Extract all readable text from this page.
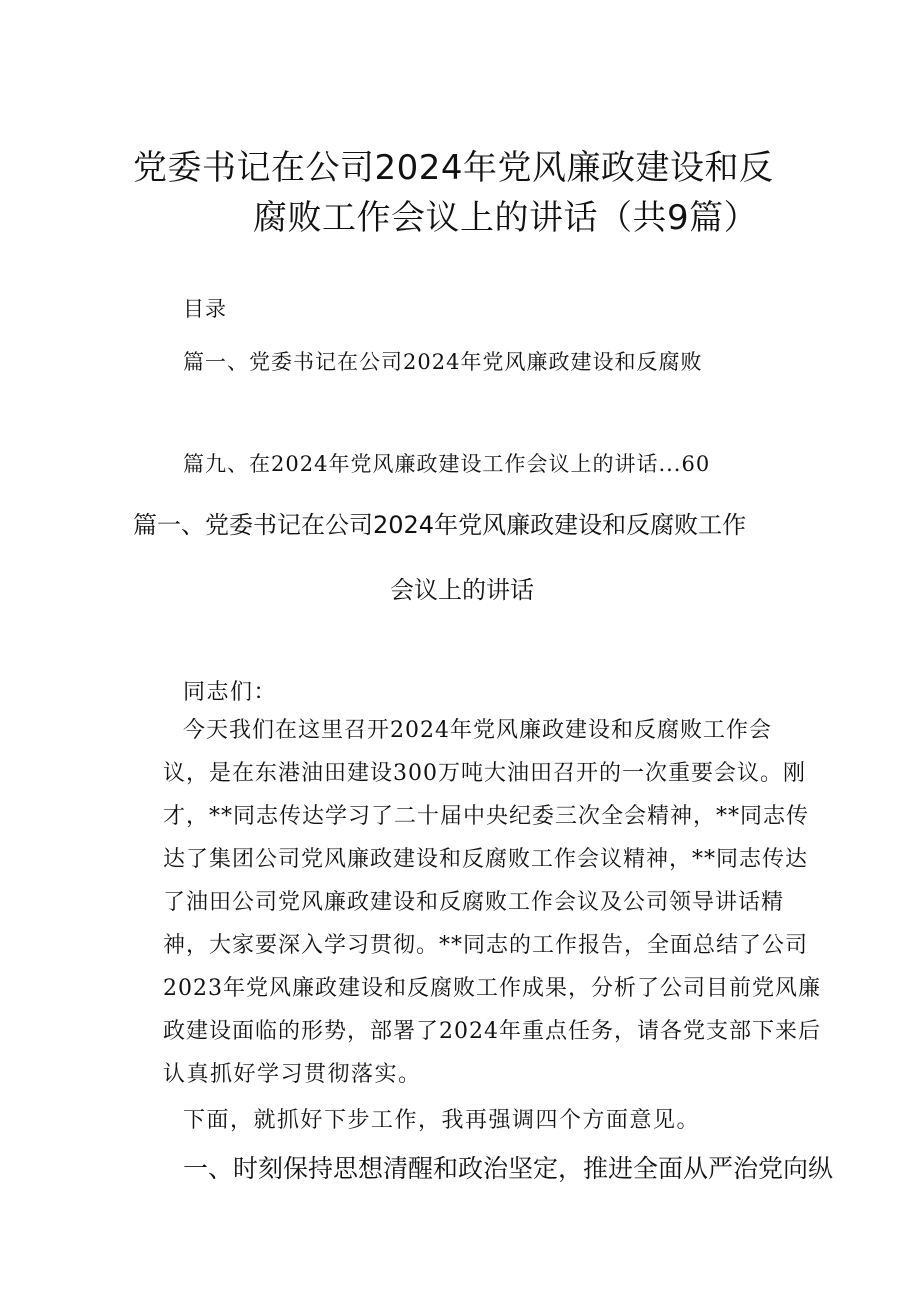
党委书记在公司2024年党风廉政建设和反
腐败工作会议上的讲话（共9篇）
目录
篇一、党委书记在公司2024年党风廉政建设和反腐败
篇九、在2024年党风廉政建设工作会议上的讲话...60
篇一、党委书记在公司2024年党风廉政建设和反腐败工作
会议上的讲话
同志们：
今天我们在这里召开2024年党风廉政建设和反腐败工作会
议，是在东港油田建设300万吨大油田召开的一次重要会议。刚
才，**同志传达学习了二十届中央纪委三次全会精神，**同志传
达了集团公司党风廉政建设和反腐败工作会议精神，**同志传达
了油田公司党风廉政建设和反腐败工作会议及公司领导讲话精
神，大家要深入学习贯彻。**同志的工作报告，全面总结了公司
2023年党风廉政建设和反腐败工作成果，分析了公司目前党风廉
政建设面临的形势，部署了2024年重点任务，请各党支部下来后
认真抓好学习贯彻落实。
下面，就抓好下步工作，我再强调四个方面意见。
一、时刻保持思想清醒和政治坚定，推进全面从严治党向纵
